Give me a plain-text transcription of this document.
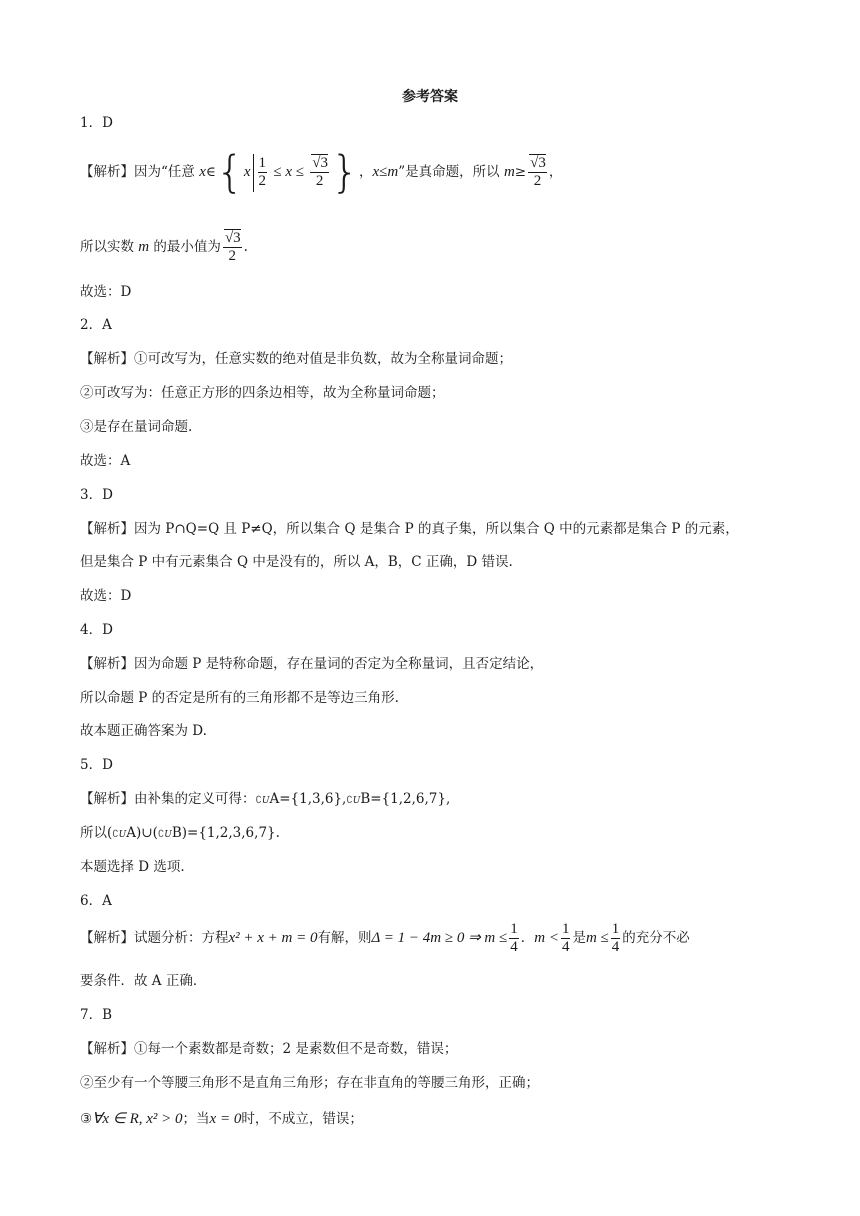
参考答案
1．D
【解析】因为“任意 x∈{x $\frac{1}{2} \le x \le \frac{√3}{2}$ }，x≤m”是真命题，所以 $m\ge \frac{√3}{2}$ ，
所以实数 m 的最小值为 $\frac{√3}{2}$ .
故选：D
2．A
【解析】①可改写为，任意实数的绝对值是非负数，故为全称量词命题；
②可改写为：任意正方形的四条边相等，故为全称量词命题；
③是存在量词命题.
故选：A
3．D
【解析】因为 P∩Q=Q 且 P≠Q，所以集合 Q 是集合 P 的真子集，所以集合 Q 中的元素都是集合 P 的元素，
但是集合 P 中有元素集合 Q 中是没有的，所以 A，B，C 正确，D 错误.
故选：D
4．D
【解析】因为命题 P 是特称命题，存在量词的否定为全称量词，且否定结论，
所以命题 P 的否定是所有的三角形都不是等边三角形.
故本题正确答案为 D.
5．D
【解析】由补集的定义可得：∁UA={1,3,6},∁UB={1,2,6,7},
所以(∁UA)∪(∁UB)={1,2,3,6,7}.
本题选择 D 选项.
6．A
【解析】试题分析：方程x² + x + m = 0有解，则Δ = 1 − 4m ≥ 0 ⇒ $m \le \frac{1}{4}$ ．$m < \frac{1}{4}$ 是$m \le \frac{1}{4}$ 的充分不必
要条件．故 A 正确．
7．B
【解析】①每一个素数都是奇数；2 是素数但不是奇数，错误；
②至少有一个等腰三角形不是直角三角形；存在非直角的等腰三角形，正确；
③∀x ∈ R, x² > 0；当x = 0时，不成立，错误；
